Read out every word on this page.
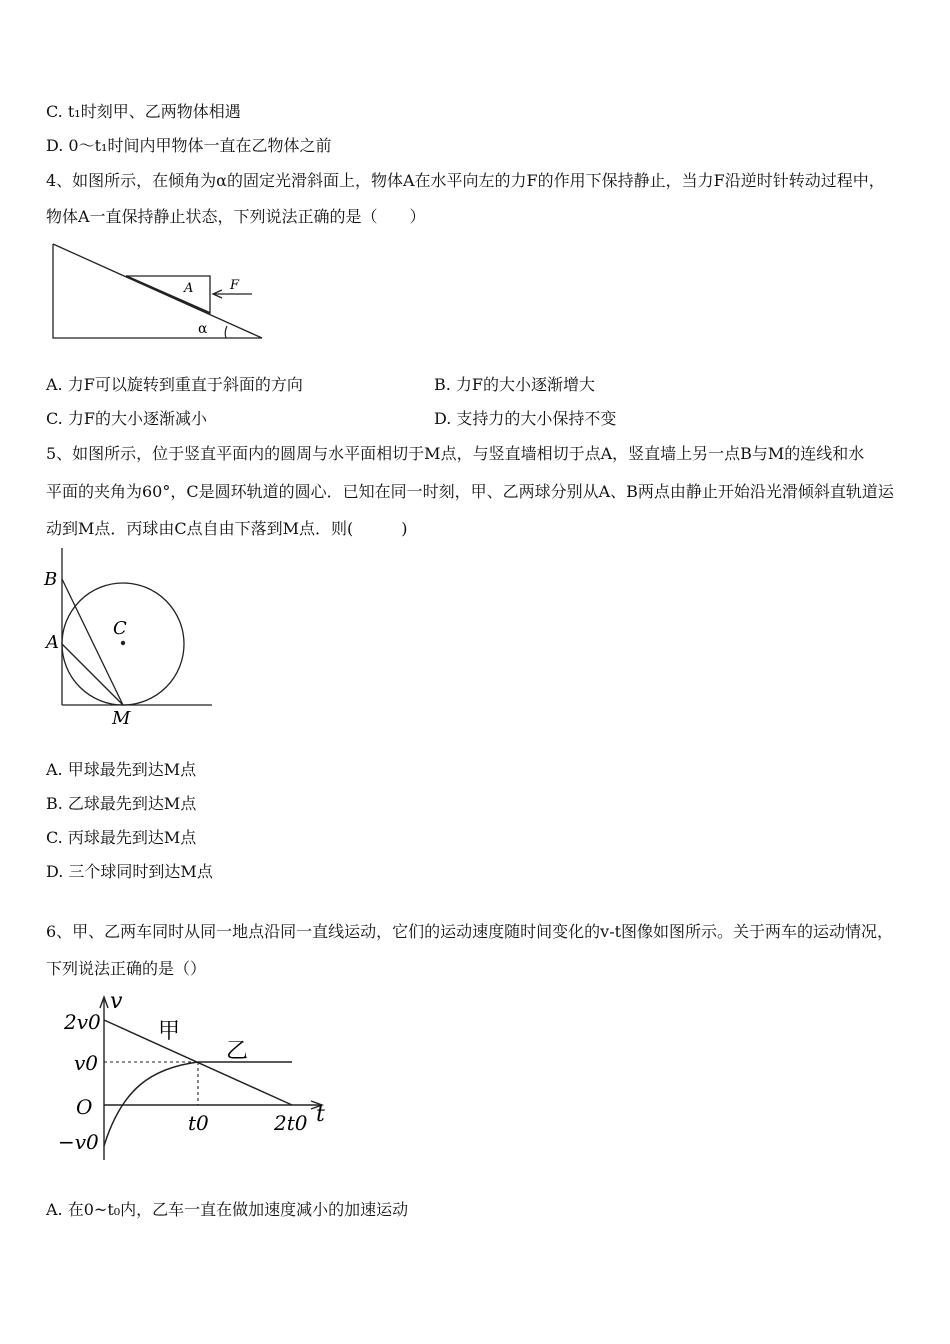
C. t₁时刻甲、乙两物体相遇
D. 0～t₁时间内甲物体一直在乙物体之前
4、如图所示，在倾角为α的固定光滑斜面上，物体A在水平向左的力F的作用下保持静止，当力F沿逆时针转动过程中，
物体A一直保持静止状态，下列说法正确的是（　　）
A	F
α
A. 力F可以旋转到重直于斜面的方向	B. 力F的大小逐渐增大
C. 力F的大小逐渐减小	D. 支持力的大小保持不变
5、如图所示，位于竖直平面内的圆周与水平面相切于M点，与竖直墙相切于点A，竖直墙上另一点B与M的连线和水
平面的夹角为60°，C是圆环轨道的圆心．已知在同一时刻，甲、乙两球分别从A、B两点由静止开始沿光滑倾斜直轨道运
动到M点．丙球由C点自由下落到M点．则(　　　)
B
A
C
M
A. 甲球最先到达M点
B. 乙球最先到达M点
C. 丙球最先到达M点
D. 三个球同时到达M点
6、甲、乙两车同时从同一地点沿同一直线运动，它们的运动速度随时间变化的v-t图像如图所示。关于两车的运动情况，
下列说法正确的是（）
v
t
O
2v0
v0
−v0
t0	2t0
甲
乙
A. 在0~t₀内，乙车一直在做加速度减小的加速运动
